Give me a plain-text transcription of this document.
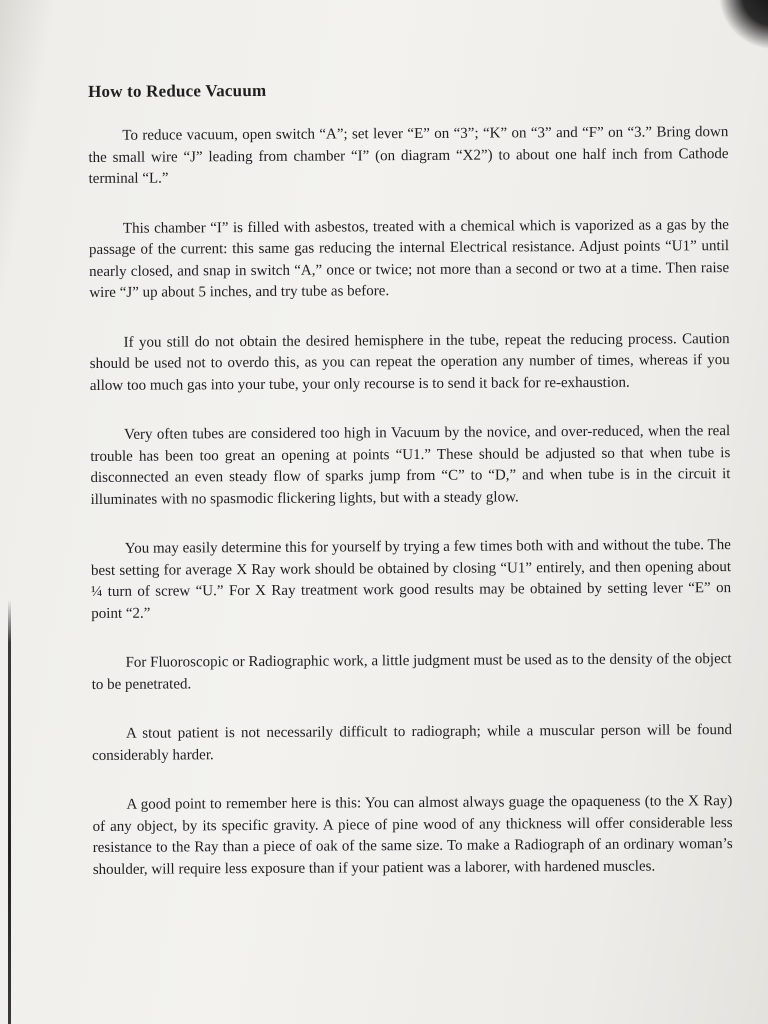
How to Reduce Vacuum

To reduce vacuum, open switch “A”; set lever “E” on “3”; “K” on “3” and “F” on “3.” Bring down the small wire “J” leading from chamber “I” (on diagram “X2”) to about one half inch from Cathode terminal “L.”

This chamber “I” is filled with asbestos, treated with a chemical which is vaporized as a gas by the passage of the current: this same gas reducing the internal Electrical resistance. Adjust points “U1” until nearly closed, and snap in switch “A,” once or twice; not more than a second or two at a time. Then raise wire “J” up about 5 inches, and try tube as before.

If you still do not obtain the desired hemisphere in the tube, repeat the reducing process. Caution should be used not to overdo this, as you can repeat the operation any number of times, whereas if you allow too much gas into your tube, your only recourse is to send it back for re-exhaustion.

Very often tubes are considered too high in Vacuum by the novice, and over-reduced, when the real trouble has been too great an opening at points “U1.” These should be adjusted so that when tube is disconnected an even steady flow of sparks jump from “C” to “D,” and when tube is in the circuit it illuminates with no spasmodic flickering lights, but with a steady glow.

You may easily determine this for yourself by trying a few times both with and without the tube. The best setting for average X Ray work should be obtained by closing “U1” entirely, and then opening about ¼ turn of screw “U.” For X Ray treatment work good results may be obtained by setting lever “E” on point “2.”

For Fluoroscopic or Radiographic work, a little judgment must be used as to the density of the object to be penetrated.

A stout patient is not necessarily difficult to radiograph; while a muscular person will be found considerably harder.

A good point to remember here is this: You can almost always guage the opaqueness (to the X Ray) of any object, by its specific gravity. A piece of pine wood of any thickness will offer considerable less resistance to the Ray than a piece of oak of the same size. To make a Radiograph of an ordinary woman’s shoulder, will require less exposure than if your patient was a laborer, with hardened muscles.
